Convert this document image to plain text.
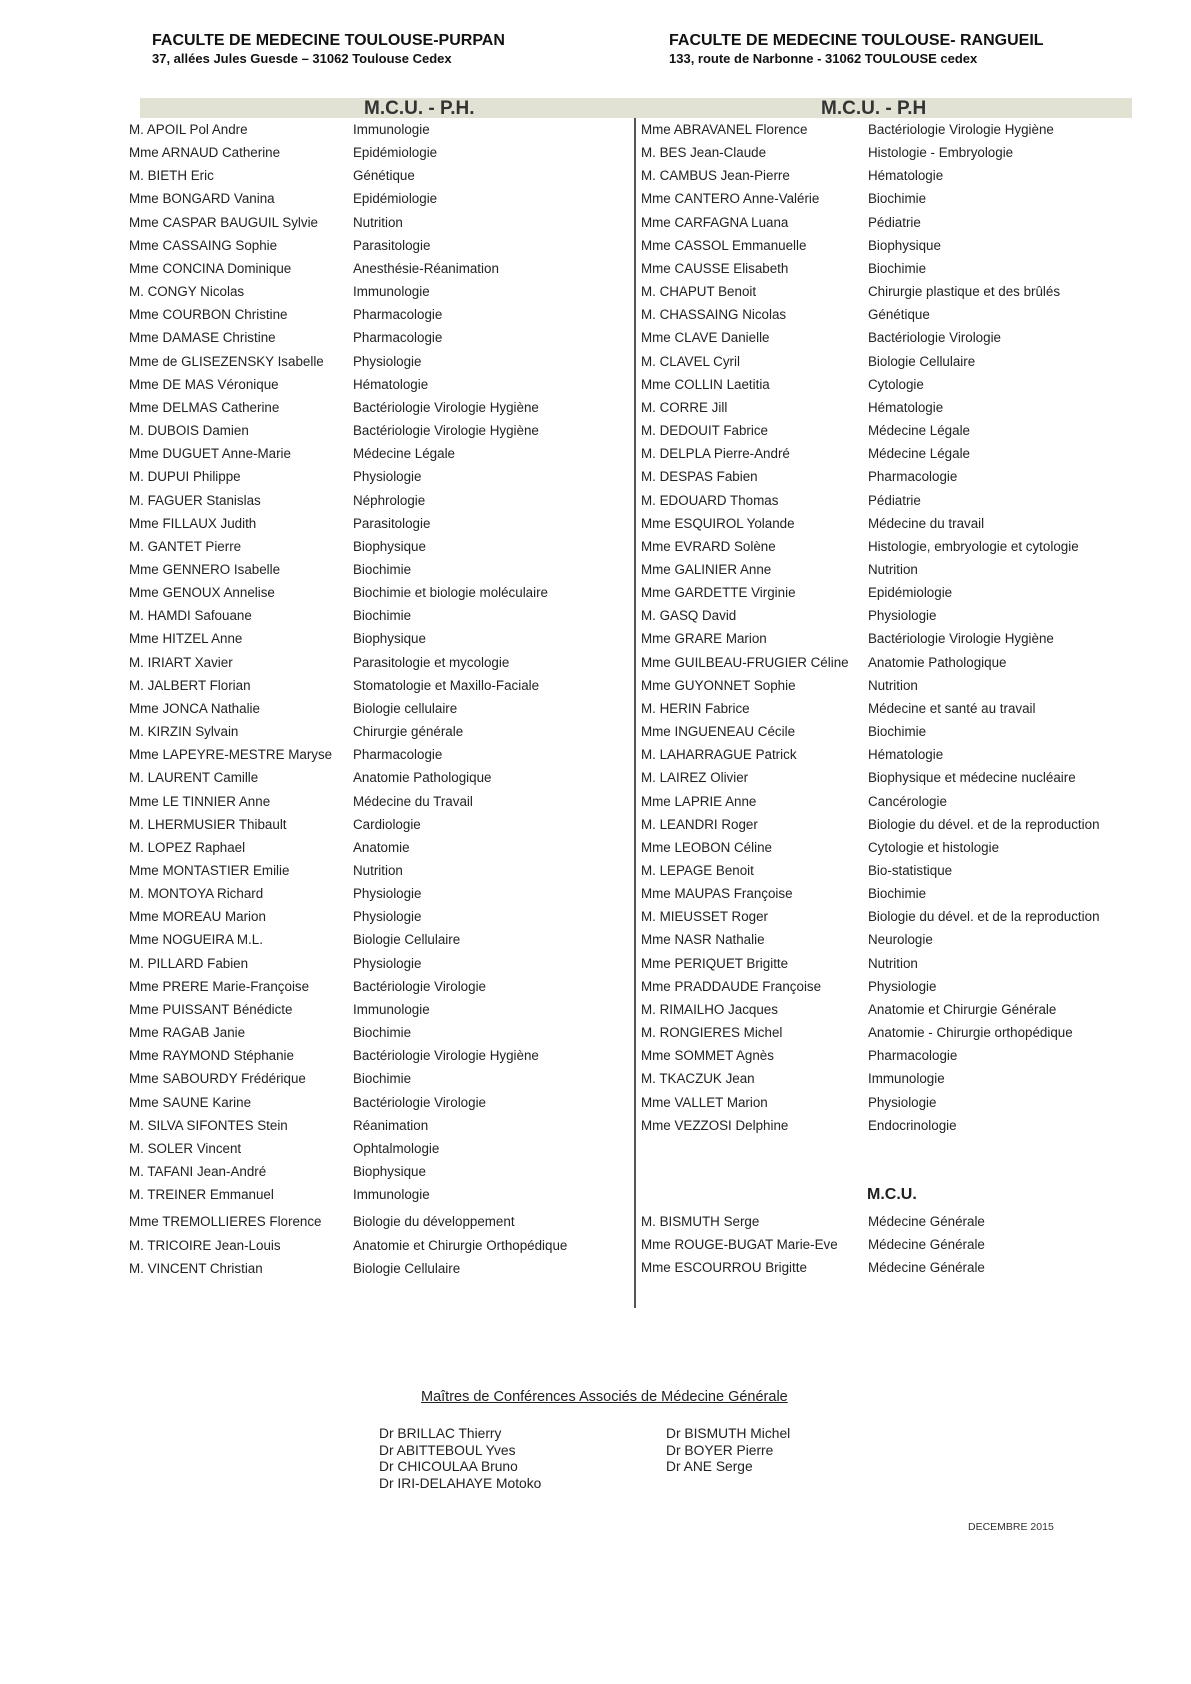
FACULTE DE MEDECINE TOULOUSE-PURPAN
37, allées Jules Guesde – 31062 Toulouse Cedex
FACULTE DE MEDECINE TOULOUSE- RANGUEIL
133, route de Narbonne - 31062 TOULOUSE cedex
M.C.U. - P.H.	M.C.U. - P.H
M. APOIL Pol Andre	Immunologie
Mme ARNAUD Catherine	Epidémiologie
M. BIETH Eric	Génétique
Mme BONGARD Vanina	Epidémiologie
Mme CASPAR BAUGUIL Sylvie	Nutrition
Mme CASSAING Sophie	Parasitologie
Mme CONCINA Dominique	Anesthésie-Réanimation
M. CONGY Nicolas	Immunologie
Mme COURBON Christine	Pharmacologie
Mme DAMASE Christine	Pharmacologie
Mme de GLISEZENSKY Isabelle Physiologie
Mme DE MAS Véronique	Hématologie
Mme DELMAS Catherine	Bactériologie Virologie Hygiène
M. DUBOIS Damien	Bactériologie Virologie Hygiène
Mme DUGUET Anne-Marie	Médecine Légale
M. DUPUI Philippe	Physiologie
M. FAGUER Stanislas	Néphrologie
Mme FILLAUX Judith	Parasitologie
M. GANTET Pierre	Biophysique
Mme GENNERO Isabelle	Biochimie
Mme GENOUX Annelise	Biochimie et biologie moléculaire
M. HAMDI Safouane	Biochimie
Mme HITZEL Anne	Biophysique
M. IRIART Xavier	Parasitologie et mycologie
M. JALBERT Florian	Stomatologie et Maxillo-Faciale
Mme JONCA Nathalie	Biologie cellulaire
M. KIRZIN Sylvain	Chirurgie générale
Mme LAPEYRE-MESTRE Maryse Pharmacologie
M. LAURENT Camille	Anatomie Pathologique
Mme LE TINNIER Anne	Médecine du Travail
M. LHERMUSIER Thibault	Cardiologie
M. LOPEZ Raphael	Anatomie
Mme MONTASTIER Emilie	Nutrition
M. MONTOYA Richard	Physiologie
Mme MOREAU Marion	Physiologie
Mme NOGUEIRA M.L.	Biologie Cellulaire
M. PILLARD Fabien	Physiologie
Mme PRERE Marie-Françoise	Bactériologie Virologie
Mme PUISSANT Bénédicte	Immunologie
Mme RAGAB Janie	Biochimie
Mme RAYMOND Stéphanie	Bactériologie Virologie Hygiène
Mme SABOURDY Frédérique	Biochimie
Mme SAUNE Karine	Bactériologie Virologie
M. SILVA SIFONTES Stein	Réanimation
M. SOLER Vincent	Ophtalmologie
M. TAFANI Jean-André	Biophysique
M. TREINER Emmanuel	Immunologie
Mme TREMOLLIERES Florence Biologie du développement
M. TRICOIRE Jean-Louis	Anatomie et Chirurgie Orthopédique
M. VINCENT Christian	Biologie Cellulaire
Mme ABRAVANEL Florence	Bactériologie Virologie Hygiène
M. BES Jean-Claude	Histologie - Embryologie
M. CAMBUS Jean-Pierre	Hématologie
Mme CANTERO Anne-Valérie	Biochimie
Mme CARFAGNA Luana	Pédiatrie
Mme CASSOL Emmanuelle	Biophysique
Mme CAUSSE Elisabeth	Biochimie
M. CHAPUT Benoit	Chirurgie plastique et des brûlés
M. CHASSAING Nicolas	Génétique
Mme CLAVE Danielle	Bactériologie Virologie
M. CLAVEL Cyril	Biologie Cellulaire
Mme COLLIN Laetitia	Cytologie
M. CORRE Jill	Hématologie
M. DEDOUIT Fabrice	Médecine Légale
M. DELPLA Pierre-André	Médecine Légale
M. DESPAS Fabien	Pharmacologie
M. EDOUARD Thomas	Pédiatrie
Mme ESQUIROL Yolande	Médecine du travail
Mme EVRARD Solène	Histologie, embryologie et cytologie
Mme GALINIER Anne	Nutrition
Mme GARDETTE Virginie	Epidémiologie
M. GASQ David	Physiologie
Mme GRARE Marion	Bactériologie Virologie Hygiène
Mme GUILBEAU-FRUGIER Céline Anatomie Pathologique
Mme GUYONNET Sophie	Nutrition
M. HERIN Fabrice	Médecine et santé au travail
Mme INGUENEAU Cécile	Biochimie
M. LAHARRAGUE Patrick	Hématologie
M. LAIREZ Olivier	Biophysique et médecine nucléaire
Mme LAPRIE Anne	Cancérologie
M. LEANDRI Roger	Biologie du dével. et de la reproduction
Mme LEOBON Céline	Cytologie et histologie
M. LEPAGE Benoit	Bio-statistique
Mme MAUPAS Françoise	Biochimie
M. MIEUSSET Roger	Biologie du dével. et de la reproduction
Mme NASR Nathalie	Neurologie
Mme PERIQUET Brigitte	Nutrition
Mme PRADDAUDE Françoise	Physiologie
M. RIMAILHO Jacques	Anatomie et Chirurgie Générale
M. RONGIERES Michel	Anatomie - Chirurgie orthopédique
Mme SOMMET Agnès	Pharmacologie
M. TKACZUK Jean	Immunologie
Mme VALLET Marion	Physiologie
Mme VEZZOSI Delphine	Endocrinologie
M.C.U.
M. BISMUTH Serge	Médecine Générale
Mme ROUGE-BUGAT Marie-Eve Médecine Générale
Mme ESCOURROU Brigitte	Médecine Générale
Maîtres de Conférences Associés de Médecine Générale
Dr BRILLAC Thierry
Dr ABITTEBOUL Yves
Dr CHICOULAA Bruno
Dr IRI-DELAHAYE Motoko
Dr BISMUTH Michel
Dr BOYER Pierre
Dr ANE Serge
DECEMBRE 2015
